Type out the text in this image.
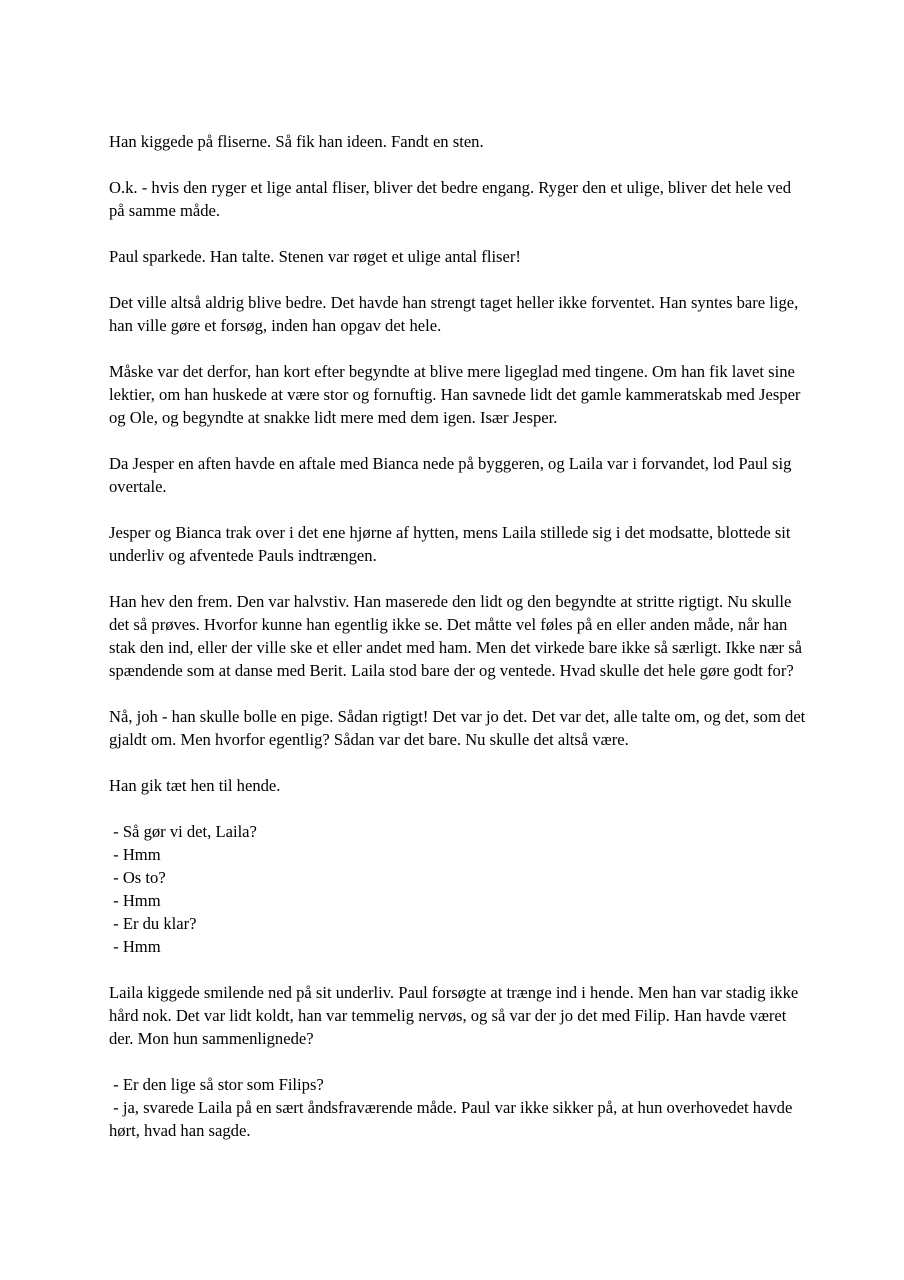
Han kiggede på fliserne. Så fik han ideen. Fandt en sten.

O.k. - hvis den ryger et lige antal fliser, bliver det bedre engang. Ryger den et ulige, bliver det hele ved på samme måde.

Paul sparkede. Han talte. Stenen var røget et ulige antal fliser!

Det ville altså aldrig blive bedre. Det havde han strengt taget heller ikke forventet. Han syntes bare lige, han ville gøre et forsøg, inden han opgav det hele.

Måske var det derfor, han kort efter begyndte at blive mere ligeglad med tingene. Om han fik lavet sine lektier, om han huskede at være stor og fornuftig. Han savnede lidt det gamle kammeratskab med Jesper og Ole, og begyndte at snakke lidt mere med dem igen. Især Jesper.

Da Jesper en aften havde en aftale med Bianca nede på byggeren, og Laila var i forvandet, lod Paul sig overtale.

Jesper og Bianca trak over i det ene hjørne af hytten, mens Laila stillede sig i det modsatte, blottede sit underliv og afventede Pauls indtrængen.

Han hev den frem. Den var halvstiv. Han maserede den lidt og den begyndte at stritte rigtigt. Nu skulle det så prøves. Hvorfor kunne han egentlig ikke se. Det måtte vel føles på en eller anden måde, når han stak den ind, eller der ville ske et eller andet med ham. Men det virkede bare ikke så særligt. Ikke nær så spændende som at danse med Berit. Laila stod bare der og ventede. Hvad skulle det hele gøre godt for?

Nå, joh - han skulle bolle en pige. Sådan rigtigt! Det var jo det. Det var det, alle talte om, og det, som det gjaldt om. Men hvorfor egentlig? Sådan var det bare. Nu skulle det altså være.

Han gik tæt hen til hende.

- Så gør vi det, Laila?
- Hmm
- Os to?
- Hmm
- Er du klar?
- Hmm

Laila kiggede smilende ned på sit underliv. Paul forsøgte at trænge ind i hende. Men han var stadig ikke hård nok. Det var lidt koldt, han var temmelig nervøs, og så var der jo det med Filip. Han havde været der. Mon hun sammenlignede?

- Er den lige så stor som Filips?
- ja, svarede Laila på en sært åndsfraværende måde. Paul var ikke sikker på, at hun overhovedet havde hørt, hvad han sagde.
